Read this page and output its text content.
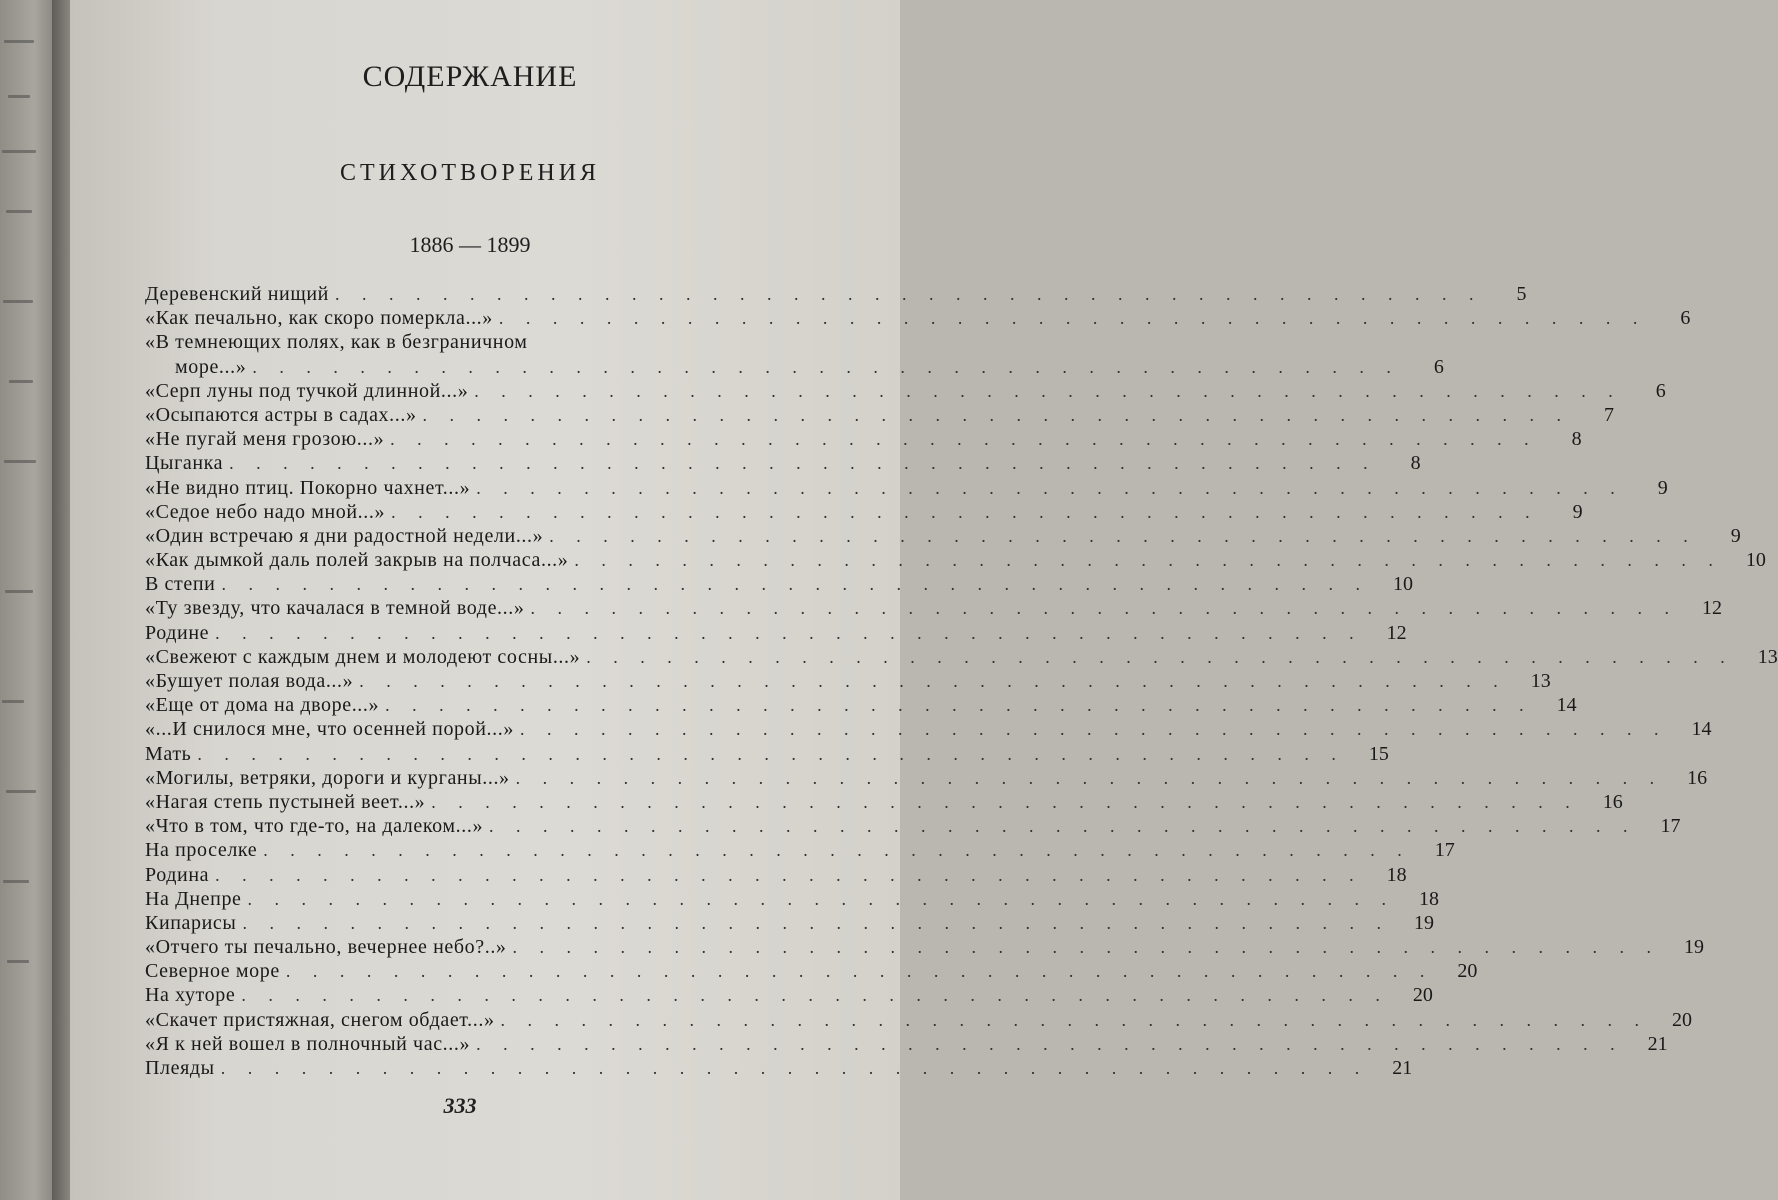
СОДЕРЖАНИЕ
СТИХОТВОРЕНИЯ
1886 — 1899
Деревенский нищий . . . . . . . . . . . . . . . . . . . . . . . . . . . . . . . . . . . . . . . . . . .	5
«Как печально, как скоро померкла...» . . . . . . . . . . . . . . . . . . . . . . . . . . . . . . . . . . . . . . . . . . .	6
«В темнеющих полях, как в безграничном
море...» . . . . . . . . . . . . . . . . . . . . . . . . . . . . . . . . . . . . . . . . . . .	6
«Серп луны под тучкой длинной...» . . . . . . . . . . . . . . . . . . . . . . . . . . . . . . . . . . . . . . . . . . .	6
«Осыпаются астры в садах...» . . . . . . . . . . . . . . . . . . . . . . . . . . . . . . . . . . . . . . . . . . .	7
«Не пугай меня грозою...» . . . . . . . . . . . . . . . . . . . . . . . . . . . . . . . . . . . . . . . . . . .	8
Цыганка . . . . . . . . . . . . . . . . . . . . . . . . . . . . . . . . . . . . . . . . . . .	8
«Не видно птиц. Покорно чахнет...» . . . . . . . . . . . . . . . . . . . . . . . . . . . . . . . . . . . . . . . . . . .	9
«Седое небо надо мной...» . . . . . . . . . . . . . . . . . . . . . . . . . . . . . . . . . . . . . . . . . . .	9
«Один встречаю я дни радостной недели...» . . . . . . . . . . . . . . . . . . . . . . . . . . . . . . . . . . . . . . . . . . .	9
«Как дымкой даль полей закрыв на полчаса...» . . . . . . . . . . . . . . . . . . . . . . . . . . . . . . . . . . . . . . . . . . .	10
В степи . . . . . . . . . . . . . . . . . . . . . . . . . . . . . . . . . . . . . . . . . . .	10
«Ту звезду, что качалася в темной воде...» . . . . . . . . . . . . . . . . . . . . . . . . . . . . . . . . . . . . . . . . . . .	12
Родине . . . . . . . . . . . . . . . . . . . . . . . . . . . . . . . . . . . . . . . . . . .	12
«Свежеют с каждым днем и молодеют сосны...» . . . . . . . . . . . . . . . . . . . . . . . . . . . . . . . . . . . . . . . . . . .	13
«Бушует полая вода...» . . . . . . . . . . . . . . . . . . . . . . . . . . . . . . . . . . . . . . . . . . .	13
«Еще от дома на дворе...» . . . . . . . . . . . . . . . . . . . . . . . . . . . . . . . . . . . . . . . . . . .	14
«...И снилося мне, что осенней порой...» . . . . . . . . . . . . . . . . . . . . . . . . . . . . . . . . . . . . . . . . . . .	14
Мать . . . . . . . . . . . . . . . . . . . . . . . . . . . . . . . . . . . . . . . . . . .	15
«Могилы, ветряки, дороги и курганы...» . . . . . . . . . . . . . . . . . . . . . . . . . . . . . . . . . . . . . . . . . . .	16
«Нагая степь пустыней веет...» . . . . . . . . . . . . . . . . . . . . . . . . . . . . . . . . . . . . . . . . . . .	16
«Что в том, что где-то, на далеком...» . . . . . . . . . . . . . . . . . . . . . . . . . . . . . . . . . . . . . . . . . . .	17
На проселке . . . . . . . . . . . . . . . . . . . . . . . . . . . . . . . . . . . . . . . . . . .	17
Родина . . . . . . . . . . . . . . . . . . . . . . . . . . . . . . . . . . . . . . . . . . .	18
На Днепре . . . . . . . . . . . . . . . . . . . . . . . . . . . . . . . . . . . . . . . . . . .	18
Кипарисы . . . . . . . . . . . . . . . . . . . . . . . . . . . . . . . . . . . . . . . . . . .	19
«Отчего ты печально, вечернее небо?..» . . . . . . . . . . . . . . . . . . . . . . . . . . . . . . . . . . . . . . . . . . .	19
Северное море . . . . . . . . . . . . . . . . . . . . . . . . . . . . . . . . . . . . . . . . . . .	20
На хуторе . . . . . . . . . . . . . . . . . . . . . . . . . . . . . . . . . . . . . . . . . . .	20
«Скачет пристяжная, снегом обдает...» . . . . . . . . . . . . . . . . . . . . . . . . . . . . . . . . . . . . . . . . . . .	20
«Я к ней вошел в полночный час...» . . . . . . . . . . . . . . . . . . . . . . . . . . . . . . . . . . . . . . . . . . .	21
Плеяды . . . . . . . . . . . . . . . . . . . . . . . . . . . . . . . . . . . . . . . . . . .	21
333
